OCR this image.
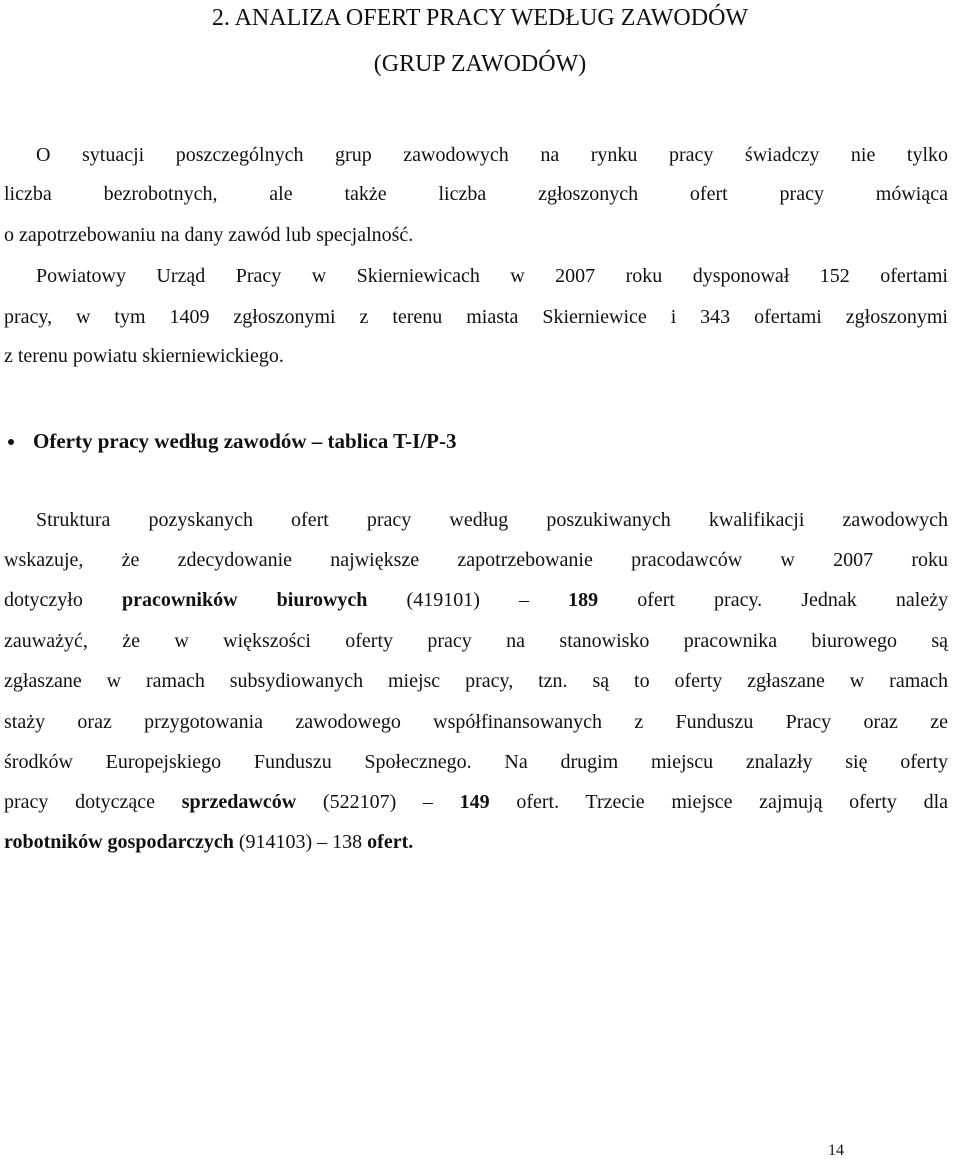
2. ANALIZA OFERT PRACY WEDŁUG ZAWODÓW
(GRUP ZAWODÓW)
O sytuacji poszczególnych grup zawodowych na rynku pracy świadczy nie tylko
liczba bezrobotnych, ale także liczba zgłoszonych ofert pracy mówiąca
o zapotrzebowaniu na dany zawód lub specjalność.
Powiatowy Urząd Pracy w Skierniewicach w 2007 roku dysponował 152 ofertami
pracy, w tym 1409 zgłoszonymi z terenu miasta Skierniewice i 343 ofertami zgłoszonymi
z terenu powiatu skierniewickiego.
Oferty pracy według zawodów – tablica T-I/P-3
Struktura pozyskanych ofert pracy według poszukiwanych kwalifikacji zawodowych
wskazuje, że zdecydowanie największe zapotrzebowanie pracodawców w 2007 roku
dotyczyło pracowników biurowych (419101) – 189 ofert pracy. Jednak należy
zauważyć, że w większości oferty pracy na stanowisko pracownika biurowego są
zgłaszane w ramach subsydiowanych miejsc pracy, tzn. są to oferty zgłaszane w ramach
staży oraz przygotowania zawodowego współfinansowanych z Funduszu Pracy oraz ze
środków Europejskiego Funduszu Społecznego. Na drugim miejscu znalazły się oferty
pracy dotyczące sprzedawców (522107) – 149 ofert. Trzecie miejsce zajmują oferty dla
robotników gospodarczych (914103) – 138 ofert.
14
